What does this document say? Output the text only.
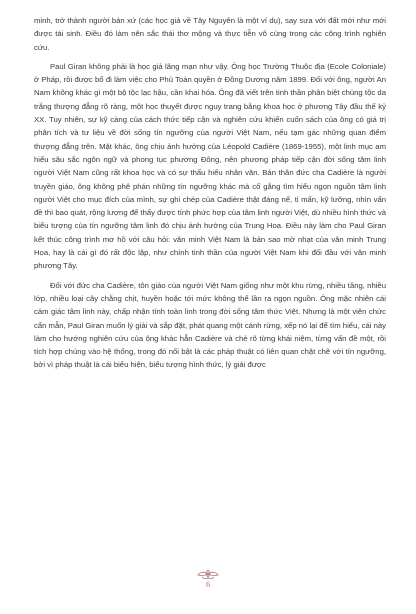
minh, trở thành người bản xứ (các học giả về Tây Nguyên là một ví dụ), say sưa với đất mới như mới được tái sinh. Điều đó làm nên sắc thái thơ mộng và thực tiễn vô cùng trong các công trình nghiên cứu.

Paul Giran không phải là học giả lãng mạn như vậy. Ông học Trường Thuộc địa (Ecole Coloniale) ở Pháp, rồi được bổ đi làm việc cho Phủ Toàn quyền ở Đông Dương năm 1899. Đối với ông, người An Nam không khác gì một bộ tộc lạc hậu, cần khai hóa. Ông đã viết trên tinh thần phân biệt chủng tộc da trắng thượng đẳng rõ ràng, một học thuyết được nguy trang bằng khoa học ở phương Tây đầu thế kỷ XX. Tuy nhiên, sự kỹ càng của cách thức tiếp cận và nghiên cứu khiến cuốn sách của ông có giá trị phân tích và tư liệu về đời sống tín ngưỡng của người Việt Nam, nếu tạm gác những quan điểm thượng đẳng trên. Mặt khác, ông chịu ảnh hưởng của Léopold Cadière (1869-1955), một linh mục am hiểu sâu sắc ngôn ngữ và phong tục phương Đông, nên phương pháp tiếp cận đời sống tâm linh người Việt Nam cũng rất khoa học và có sự thấu hiểu nhân văn. Bản thân đức cha Cadière là người truyền giáo, ông không phê phán những tín ngưỡng khác mà cố gắng tìm hiểu ngọn nguồn tâm linh người Việt cho mục đích của mình, sự ghi chép của Cadière thật đáng nể, tỉ mẩn, kỹ lưỡng, nhìn vấn đề thì bao quát, rộng lượng để thấy được tính phức hợp của tâm linh người Việt, dù nhiều hình thức và biểu tượng của tín ngưỡng tâm linh đó chịu ảnh hưởng của Trung Hoa. Điều này làm cho Paul Giran kết thúc công trình mơ hồ với câu hỏi: văn minh Việt Nam là bản sao mờ nhạt của văn minh Trung Hoa, hay là cái gì đó rất độc lập, như chính tinh thần của người Việt Nam khi đối đầu với văn minh phương Tây.

Đối với đức cha Cadière, tôn giáo của người Việt Nam giống như một khu rừng, nhiều tầng, nhiều lớp, nhiều loại cây chằng chịt, huyền hoặc tới mức không thể lần ra ngọn nguồn. Ông mặc nhiên cái cảm giác tâm linh này, chấp nhận tính toàn linh trong đời sống tâm thức Việt. Nhưng là một viên chức cẩn mẫn, Paul Giran muốn lý giải và sắp đặt, phát quang một cánh rừng, xếp nó lại để tìm hiểu, cái này làm cho hướng nghiên cứu của ông khác hẳn Cadière và chẻ rõ từng khái niệm, từng vấn đề một, rồi tích hợp chúng vào hệ thống, trong đó nổi bật là các pháp thuật có liên quan chặt chẽ với tín ngưỡng, bởi vì pháp thuật là cái biểu hiện, biểu tượng hình thức, lý giải được

6
